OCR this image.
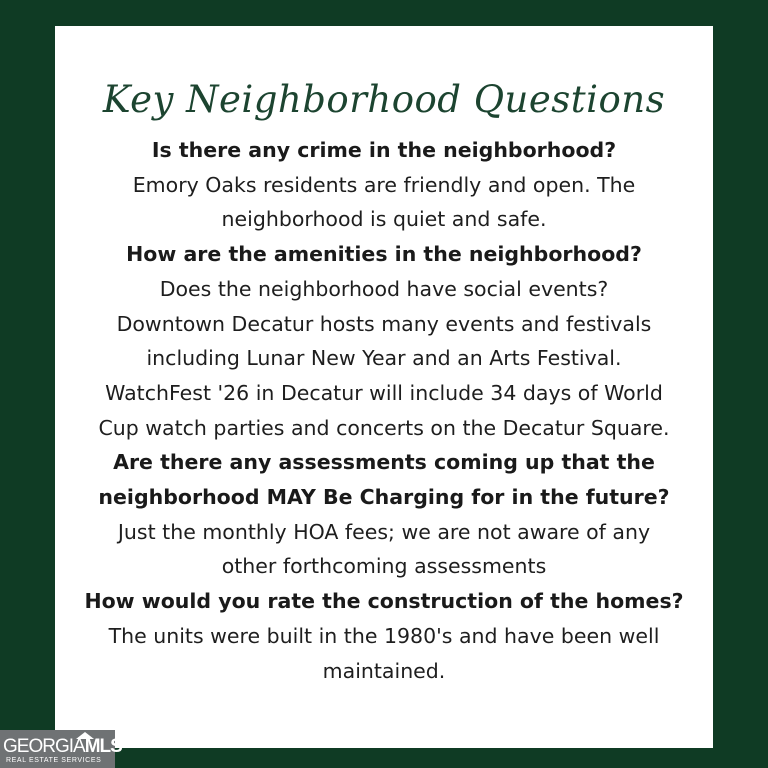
Key Neighborhood Questions
Is there any crime in the neighborhood?
Emory Oaks residents are friendly and open. The
neighborhood is quiet and safe.
How are the amenities in the neighborhood?
Does the neighborhood have social events?
Downtown Decatur hosts many events and festivals
including Lunar New Year and an Arts Festival.
WatchFest '26 in Decatur will include 34 days of World
Cup watch parties and concerts on the Decatur Square.
Are there any assessments coming up that the
neighborhood MAY Be Charging for in the future?
Just the monthly HOA fees; we are not aware of any
other forthcoming assessments
How would you rate the construction of the homes?
The units were built in the 1980's and have been well
maintained.
GEORGIAMLS
REAL ESTATE SERVICES
